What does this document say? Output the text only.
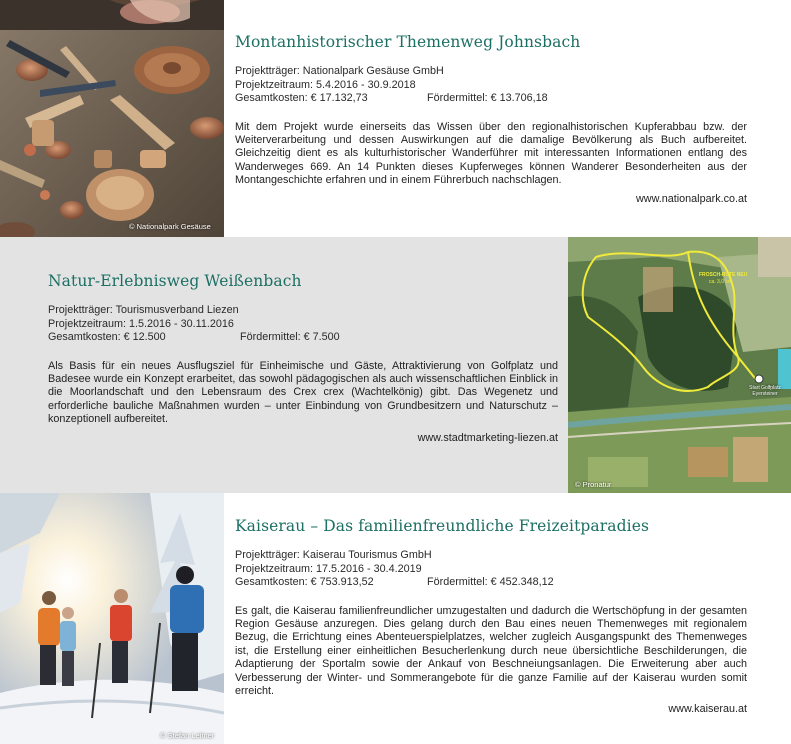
© Nationalpark Gesäuse
Montanhistorischer Themenweg Johnsbach
Projektträger: Nationalpark Gesäuse GmbH
Projektzeitraum: 5.4.2016 - 30.9.2018
Gesamtkosten: € 17.132,73	Fördermittel: € 13.706,18

Mit dem Projekt wurde einerseits das Wissen über den regionalhistorischen Kupferabbau bzw. der Weiterverarbeitung und dessen Auswirkungen auf die damalige Bevölkerung als Buch aufbereitet. Gleichzeitig dient es als kulturhistorischer Wanderführer mit interessanten Informationen entlang des Wanderweges 669. An 14 Punkten dieses Kupferweges können Wanderer Besonderheiten aus der Montangeschichte erfahren und in einem Führerbuch nachschlagen.

www.nationalpark.co.at
Natur-Erlebnisweg Weißenbach
Projektträger: Tourismusverband Liezen
Projektzeitraum: 1.5.2016 - 30.11.2016
Gesamtkosten: € 12.500	Fördermittel: € 7.500

Als Basis für ein neues Ausflugsziel für Einheimische und Gäste, Attraktivierung von Golfplatz und Badesee wurde ein Konzept erarbeitet, das sowohl pädagogischen als auch wissenschaftlichen Einblick in die Moorlandschaft und den Lebensraum des Crex crex (Wachtelkönig) gibt. Das Wegenetz und erforderliche bauliche Maßnahmen wurden – unter Einbindung von Grundbesitzern und Naturschutz – konzeptionell aufbereitet.

www.stadtmarketing-liezen.at
FROSCH-RUTE NEU
ca. 3,0 km
Start Golfplatz Eyersteiner
© Pronatur
© Stefan Leitner
Kaiserau – Das familienfreundliche Freizeitparadies
Projektträger: Kaiserau Tourismus GmbH
Projektzeitraum: 17.5.2016 - 30.4.2019
Gesamtkosten: € 753.913,52	Fördermittel: € 452.348,12

Es galt, die Kaiserau familienfreundlicher umzugestalten und dadurch die Wertschöpfung in der gesamten Region Gesäuse anzuregen. Dies gelang durch den Bau eines neuen Themenweges mit regionalem Bezug, die Errichtung eines Abenteuerspielplatzes, welcher zugleich Ausgangspunkt des Themenweges ist, die Erstellung einer einheitlichen Besucherlenkung durch neue übersichtliche Beschilderungen, die Adaptierung der Sportalm sowie der Ankauf von Beschneiungsanlagen. Die Erweiterung aber auch Verbesserung der Winter- und Sommerangebote für die ganze Familie auf der Kaiserau wurden somit erreicht.

www.kaiserau.at
